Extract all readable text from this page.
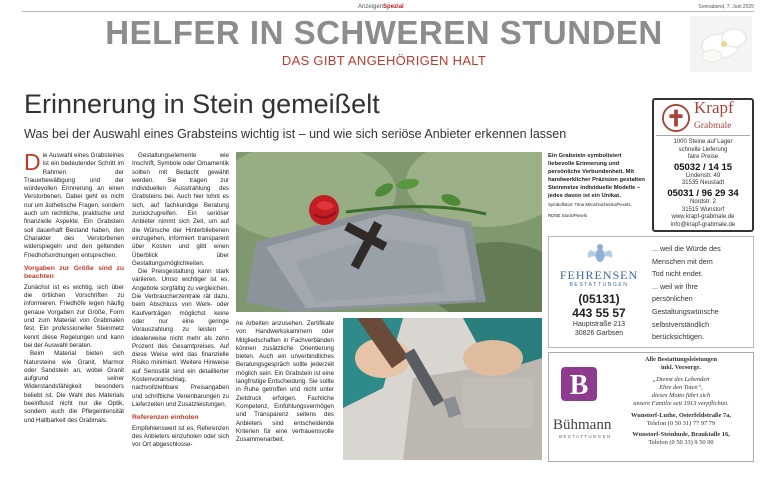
AnzeigenSpezial	Sonnabend, 7. Juni 2025
HELFER IN SCHWEREN STUNDEN
DAS GIBT ANGEHÖRIGEN HALT
Erinnerung in Stein gemeißelt
Was bei der Auswahl eines Grabsteins wichtig ist – und wie sich seriöse Anbieter erkennen lassen

Die Auswahl eines Grabsteines ist ein bedeutender Schritt im Rahmen der Trauerbewältigung und der würdevollen Erinnerung an einen Verstorbenen. Dabei geht es nicht nur um ästhetische Fragen, sondern auch um rechtliche, praktische und finanzielle Aspekte. Ein Grabstein soll dauerhaft Bestand haben, den Charakter des Verstorbenen widerspiegeln und den geltenden Friedhofsordnungen entsprechen.

Vorgaben zur Größe sind zu beachten

Zunächst ist es wichtig, sich über die örtlichen Vorschriften zu informieren. Friedhöfe legen häufig genaue Vorgaben zur Größe, Form und zum Material von Grabmalen fest. Ein professioneller Steinmetz kennt diese Regelungen und kann bei der Auswahl beraten.

Beim Material bieten sich Natursteine wie Granit, Marmor oder Sandstein an, wobei Granit aufgrund seiner Widerstandsfähigkeit besonders beliebt ist. Die Wahl des Materials beeinflusst nicht nur die Optik, sondern auch die Pflegeintensität und Haltbarkeit des Grabmals.

Gestaltungselemente wie Inschrift, Symbole oder Ornamentik sollten mit Bedacht gewählt werden. Sie tragen zur individuellen Ausstrahlung des Grabsteins bei. Auch hier lohnt es sich, auf fachkundige Beratung zurückzugreifen. Ein seriöser Anbieter nimmt sich Zeit, um auf die Wünsche der Hinterbliebenen einzugehen, informiert transparent über Kosten und gibt einen Überblick über Gestaltungsmöglichkeiten.

Die Preisgestaltung kann stark variieren. Umso wichtiger ist es, Angebote sorgfältig zu vergleichen. Die Verbraucherzentrale rät dazu, beim Abschluss von Werk- oder Kaufverträgen möglichst keine oder nur eine geringe Vorauszahlung zu leisten – idealerweise nicht mehr als zehn Prozent des Gesamtpreises. Auf diese Weise wird das finanzielle Risiko minimiert. Weitere Hinweise auf Seriosität sind ein detaillierter Kostenvoranschlag, nachvollziehbare Preisangaben und schriftliche Vereinbarungen zu Lieferzeiten und Zusatzleistungen.

Referenzen einholen

Empfehlenswert ist es, Referenzen des Anbieters einzuholen oder sich vor Ort abgeschlosse-

Ein Grabstein symbolisiert liebevolle Erinnerung und persönliche Verbundenheit. Mit handwerklicher Präzision gestalten Steinmetze individuelle Modelle – jedes davon ist ein Unikat.
Symbolfotos: Tima Miroshnichenko/Pexels,
RDNE Stock/Pexels

ne Arbeiten anzusehen. Zertifikate von Handwerkskammern oder Mitgliedschaften in Fachverbänden können zusätzliche Orientierung bieten. Auch ein unverbindliches Beratungsgespräch sollte jederzeit möglich sein. Ein Grabstein ist eine langfristige Entscheidung. Sie sollte in Ruhe getroffen und nicht unter Zeitdruck erfolgen. Fachliche Kompetenz, Einfühlungsvermögen und Transparenz seitens des Anbieters sind entscheidende Kriterien für eine vertrauensvolle Zusammenarbeit.

Krapf
Grabmale
1000 Steine auf Lager
schnelle Lieferung
faire Preise
05032 / 14 15
Lindenstr. 49
31535 Neustadt
05031 / 96 29 34
Nordstr. 2
31515 Wunstorf
www.krapf-grabmale.de
info@krapf-grabmale.de
FEHRENSEN
BESTATTUNGEN
(05131)
443 55 57
Hauptstraße 213
30826 Garbsen
... weil die Würde des
Menschen mit dem
Tod nicht endet.
... weil wir Ihre
persönlichen
Gestaltungswünsche
selbstverständlich
berücksichtigen.
B
Bühmann
BESTATTUNGEN
Alle Bestattungsleistungen
inkl. Vorsorge.
„Dienst des Lebenden
Ehre den Toten“,
dieses Motto führt sich
unsere Familie seit 1913 verpflichtet.
Wunstorf-Luthe, Osterfeldstraße 7a,
Telefon (0 50 31) 77 97 79
Wunstorf-Steinhude, Brauktalle 16,
Telefon (0 50 33) 9 50 00
